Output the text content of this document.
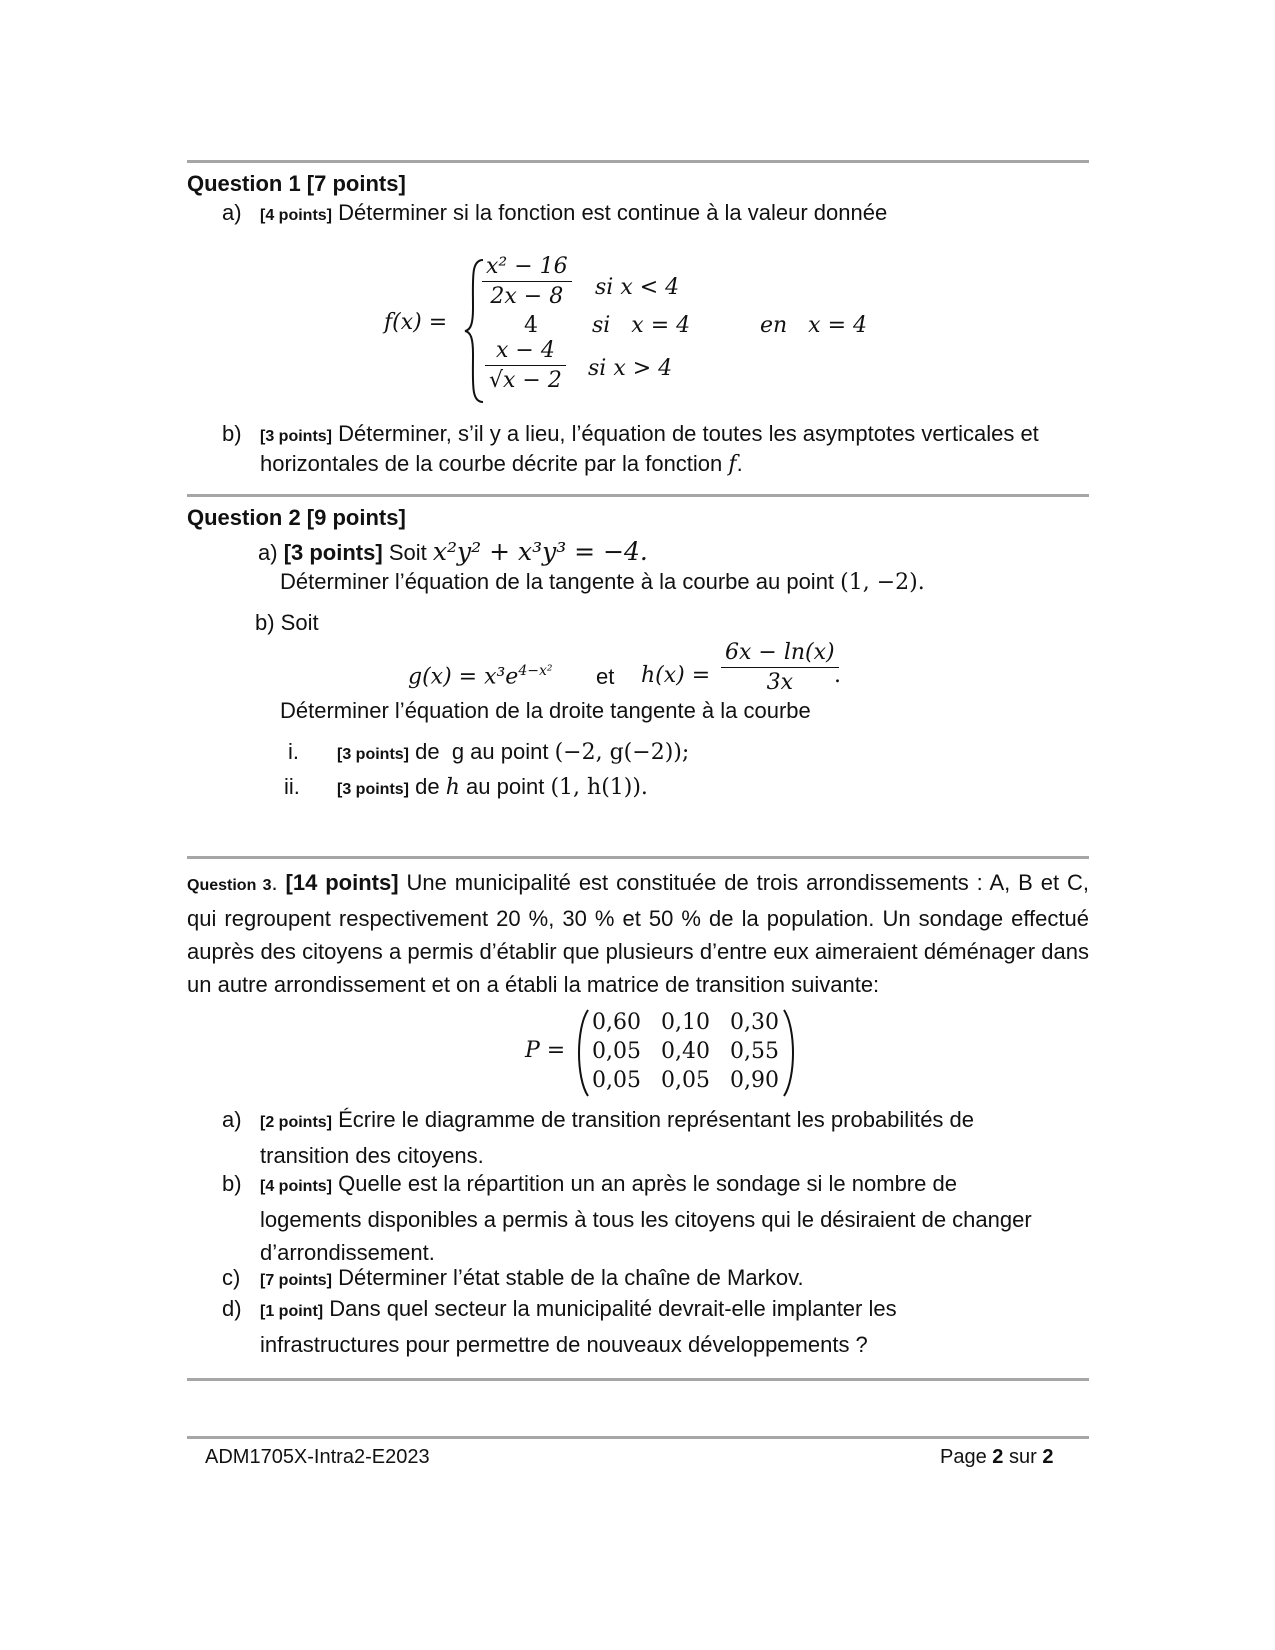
Question 1 [7 points]
a) [4 points] Déterminer si la fonction est continue à la valeur donnée
f(x) =
$\frac{\text{x² − 16}}{2x - 8}$ si x < 4
4 si   x = 4
$\frac{x - 4}{√x - 2}$ si x > 4
en   x = 4
b) [3 points] Déterminer, s’il y a lieu, l’équation de toutes les asymptotes verticales et
horizontales de la courbe décrite par la fonction f.
Question 2 [9 points]
a) [3 points] Soit x²y² + x³y³ = −4.
Déterminer l’équation de la tangente à la courbe au point (1, −2).
b) Soit
$g(x) = x^3e^{4-x^2}$ et $h(x) = \frac{6x - \ln(x)}{3x}$
.
Déterminer l’équation de la droite tangente à la courbe
i. [3 points] de  g au point (−2, g(−2));
ii. [3 points] de h au point (1, h(1)).
Question 3. [14 points] Une municipalité est constituée de trois arrondissements : A, B et C, qui regroupent respectivement 20 %, 30 % et 50 % de la population. Un sondage effectué auprès des citoyens a permis d’établir que plusieurs d’entre eux aimeraient déménager dans un autre arrondissement et on a établi la matrice de transition suivante:
P =
0,60	0,10	0,30
0,05	0,40	0,55
0,05	0,05	0,90
a) [2 points] Écrire le diagramme de transition représentant les probabilités de transition des citoyens.
b) [4 points] Quelle est la répartition un an après le sondage si le nombre de logements disponibles a permis à tous les citoyens qui le désiraient de changer d’arrondissement.
c) [7 points] Déterminer l’état stable de la chaîne de Markov.
d) [1 point] Dans quel secteur la municipalité devrait-elle implanter les infrastructures pour permettre de nouveaux développements ?
ADM1705X-Intra2-E2023	Page 2 sur 2
